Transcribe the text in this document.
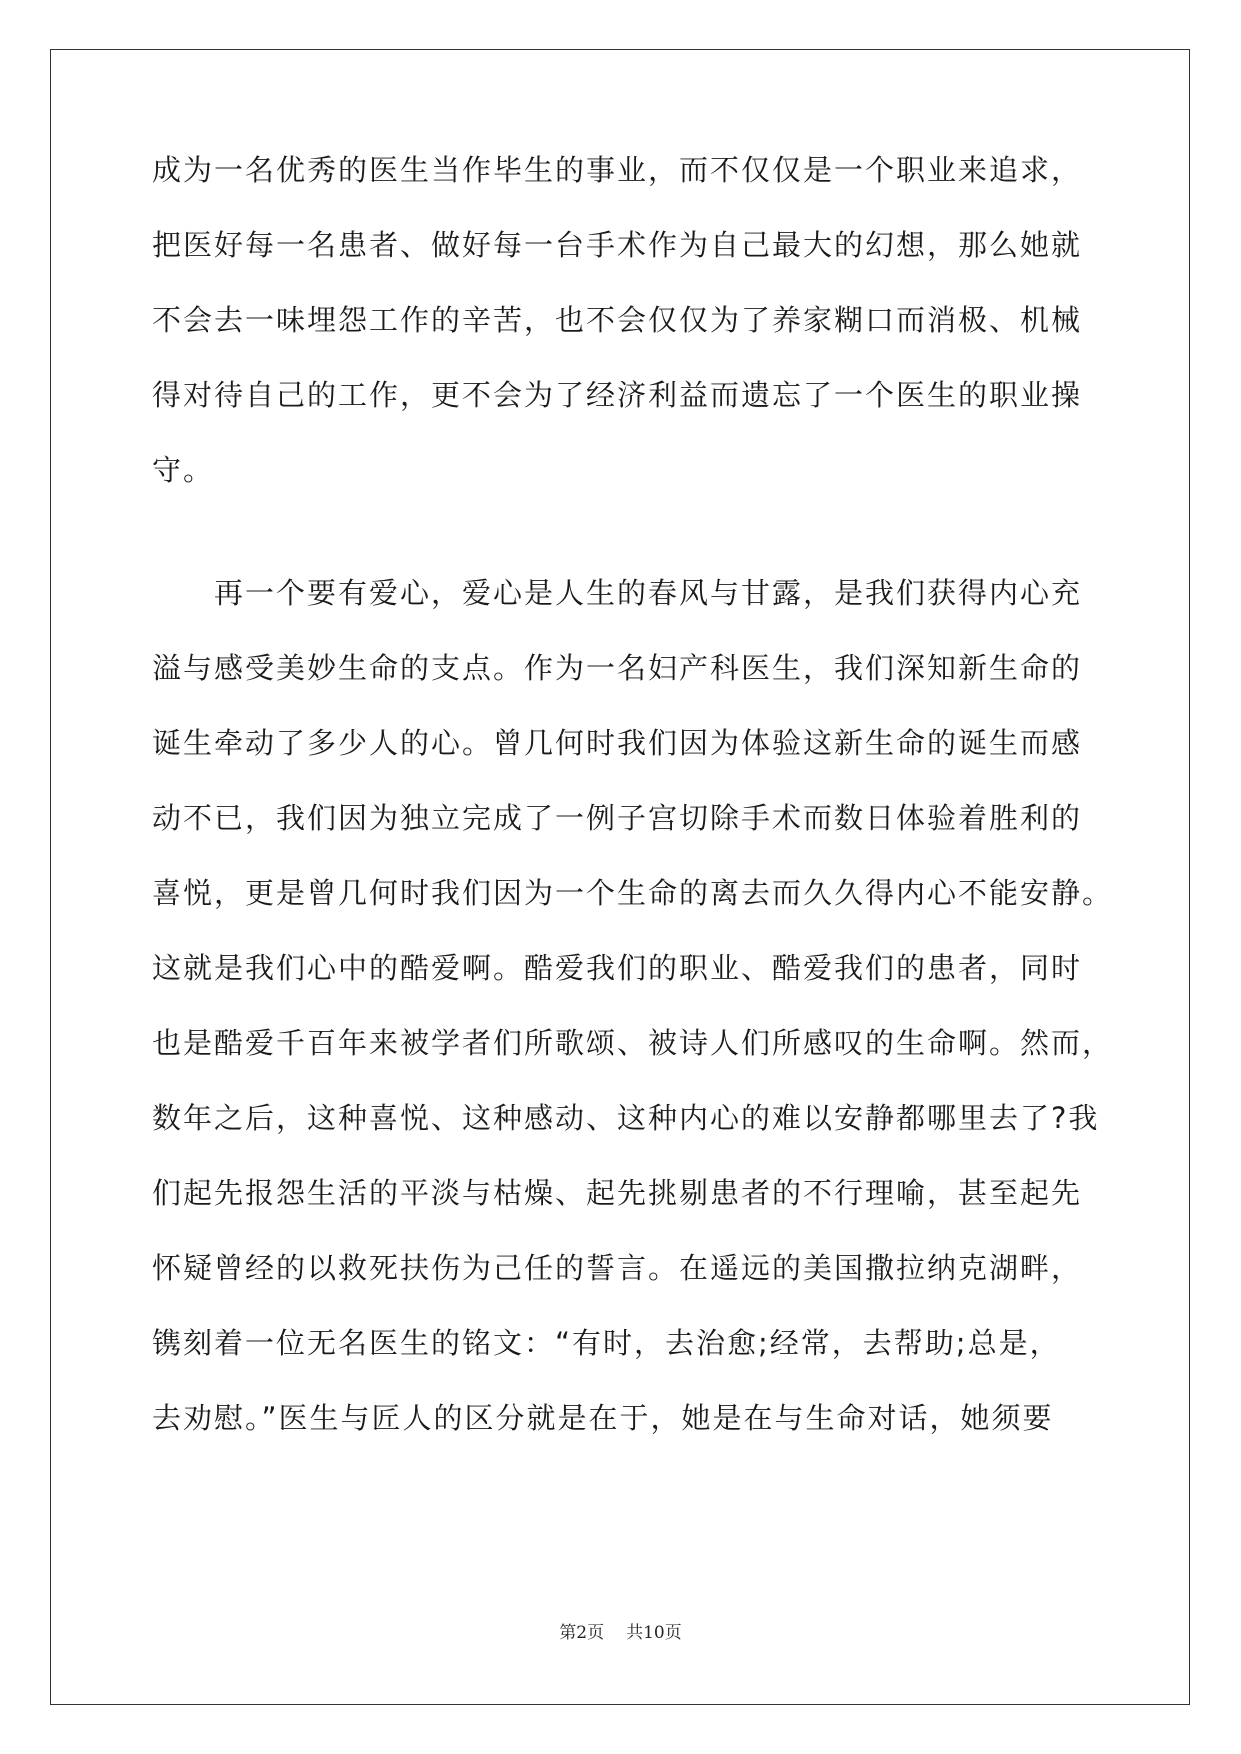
成为一名优秀的医生当作毕生的事业，而不仅仅是一个职业来追求，
把医好每一名患者、做好每一台手术作为自己最大的幻想，那么她就
不会去一味埋怨工作的辛苦，也不会仅仅为了养家糊口而消极、机械
得对待自己的工作，更不会为了经济利益而遗忘了一个医生的职业操
守。
再一个要有爱心，爱心是人生的春风与甘露，是我们获得内心充
溢与感受美妙生命的支点。作为一名妇产科医生，我们深知新生命的
诞生牵动了多少人的心。曾几何时我们因为体验这新生命的诞生而感
动不已，我们因为独立完成了一例子宫切除手术而数日体验着胜利的
喜悦，更是曾几何时我们因为一个生命的离去而久久得内心不能安静。
这就是我们心中的酷爱啊。酷爱我们的职业、酷爱我们的患者，同时
也是酷爱千百年来被学者们所歌颂、被诗人们所感叹的生命啊。然而，
数年之后，这种喜悦、这种感动、这种内心的难以安静都哪里去了?我
们起先报怨生活的平淡与枯燥、起先挑剔患者的不行理喻，甚至起先
怀疑曾经的以救死扶伤为己任的誓言。在遥远的美国撒拉纳克湖畔，
镌刻着一位无名医生的铭文：“有时，去治愈;经常，去帮助;总是，
去劝慰。”医生与匠人的区分就是在于，她是在与生命对话，她须要
第2页 共10页
